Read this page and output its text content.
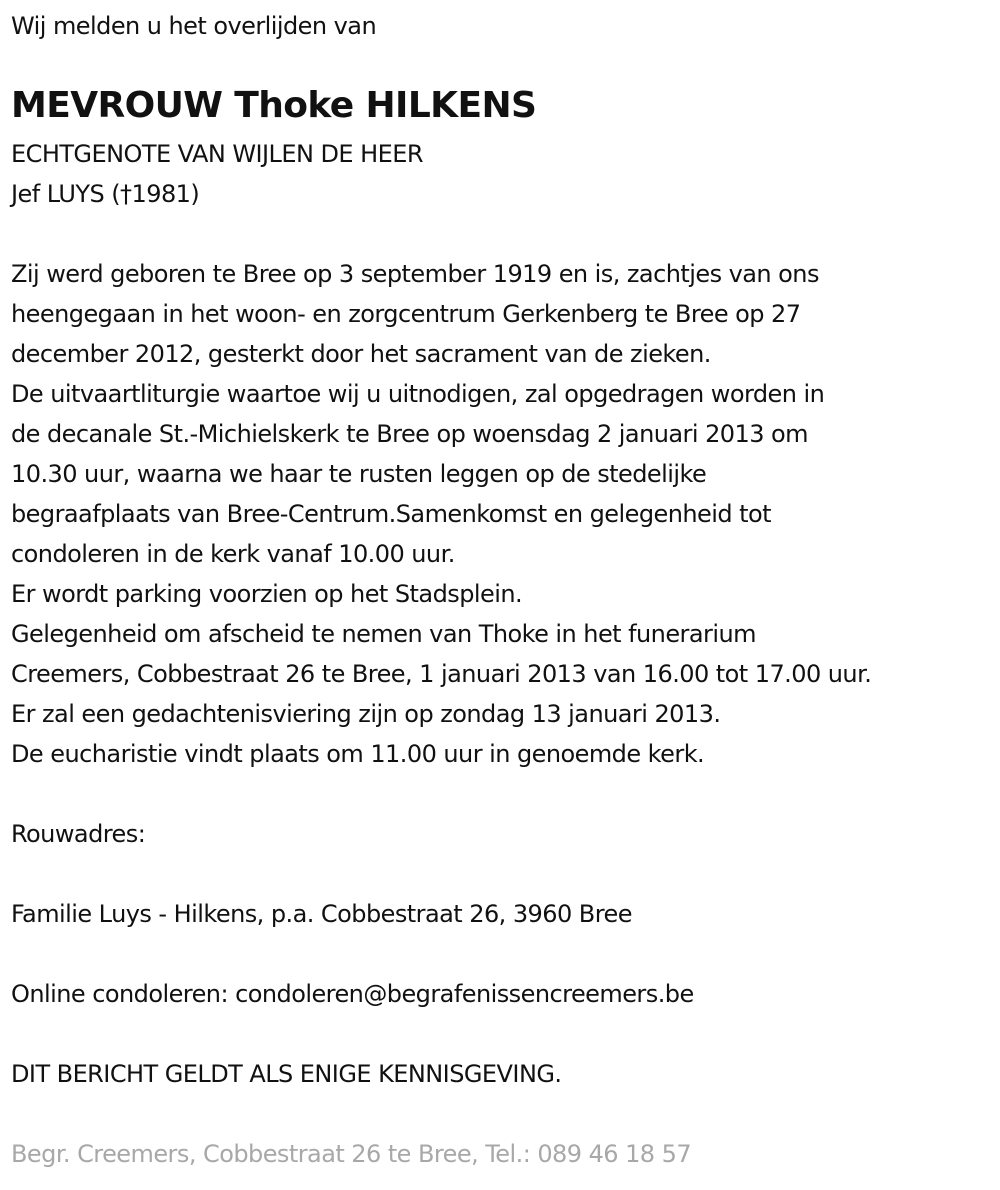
Wij melden u het overlijden van
MEVROUW Thoke HILKENS
ECHTGENOTE VAN WIJLEN DE HEER
Jef LUYS (†1981)
Zij werd geboren te Bree op 3 september 1919 en is, zachtjes van ons
heengegaan in het woon- en zorgcentrum Gerkenberg te Bree op 27
december 2012, gesterkt door het sacrament van de zieken.
De uitvaartliturgie waartoe wij u uitnodigen, zal opgedragen worden in
de decanale St.-Michielskerk te Bree op woensdag 2 januari 2013 om
10.30 uur, waarna we haar te rusten leggen op de stedelijke
begraafplaats van Bree-Centrum.Samenkomst en gelegenheid tot
condoleren in de kerk vanaf 10.00 uur.
Er wordt parking voorzien op het Stadsplein.
Gelegenheid om afscheid te nemen van Thoke in het funerarium
Creemers, Cobbestraat 26 te Bree, 1 januari 2013 van 16.00 tot 17.00 uur.
Er zal een gedachtenisviering zijn op zondag 13 januari 2013.
De eucharistie vindt plaats om 11.00 uur in genoemde kerk.
Rouwadres:
Familie Luys - Hilkens, p.a. Cobbestraat 26, 3960 Bree
Online condoleren: condoleren@begrafenissencreemers.be
DIT BERICHT GELDT ALS ENIGE KENNISGEVING.
Begr. Creemers, Cobbestraat 26 te Bree, Tel.: 089 46 18 57
